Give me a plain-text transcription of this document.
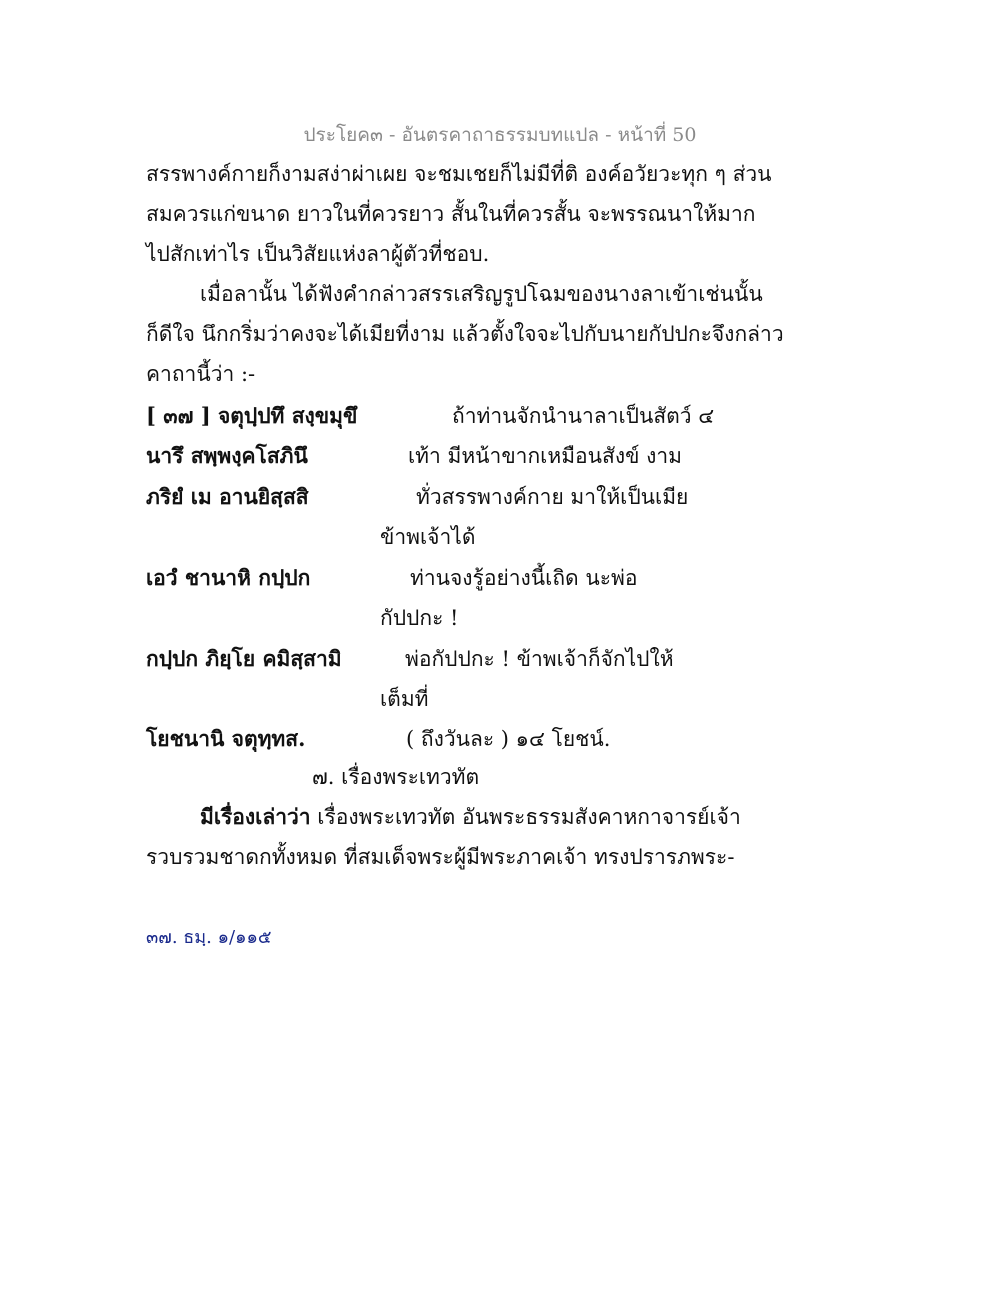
ประโยค๓ - อันตรคาถาธรรมบทแปล - หน้าที่ 50
สรรพางค์กายก็งามสง่าผ่าเผย จะชมเชยก็ไม่มีที่ติ องค์อวัยวะทุก ๆ ส่วน
สมควรแก่ขนาด ยาวในที่ควรยาว สั้นในที่ควรสั้น จะพรรณนาให้มาก
ไปสักเท่าไร เป็นวิสัยแห่งลาผู้ตัวที่ชอบ.
เมื่อลานั้น ได้ฟังคำกล่าวสรรเสริญรูปโฉมของนางลาเข้าเช่นนั้น
ก็ดีใจ นึกกริ่มว่าคงจะได้เมียที่งาม แล้วตั้งใจจะไปกับนายกัปปกะจึงกล่าว
คาถานี้ว่า :-
[ ๓๗ ] จตุปฺปทึ สงฺขมุขึ	ถ้าท่านจักนำนาลาเป็นสัตว์ ๔
นารึ สพฺพงฺคโสภินึ	เท้า มีหน้าขากเหมือนสังข์ งาม
ภริยํ เม อานยิสฺสสิ	ทั่วสรรพางค์กาย มาให้เป็นเมีย
ข้าพเจ้าได้
เอวํ ชานาหิ กปฺปก	ท่านจงรู้อย่างนี้เถิด นะพ่อ
กัปปกะ !
กปฺปก ภิยฺโย คมิสฺสามิ	พ่อกัปปกะ ! ข้าพเจ้าก็จักไปให้
เต็มที่
โยชนานิ จตุทฺทส.	( ถึงวันละ ) ๑๔ โยชน์.
๗. เรื่องพระเทวทัต
มีเรื่องเล่าว่า เรื่องพระเทวทัต อันพระธรรมสังคาหกาจารย์เจ้า
รวบรวมชาดกทั้งหมด ที่สมเด็จพระผู้มีพระภาคเจ้า ทรงปรารภพระ-
๓๗. ธมฺ. ๑/๑๑๕
